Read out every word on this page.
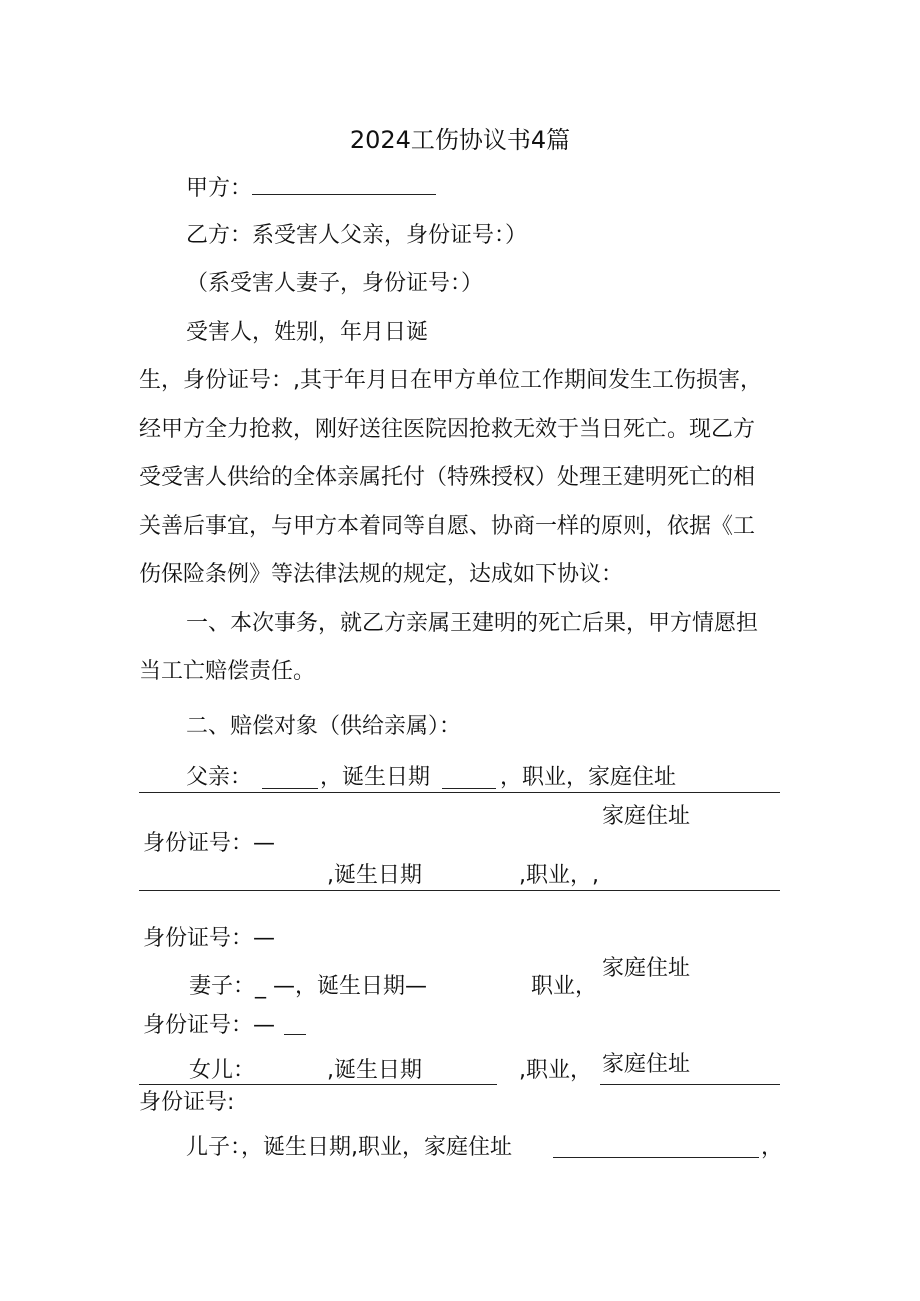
2024工伤协议书4篇
甲方：
乙方：系受害人父亲，身份证号：）
（系受害人妻子，身份证号：）
受害人，姓别，年月日诞
生，身份证号：,其于年月日在甲方单位工作期间发生工伤损害，
经甲方全力抢救，刚好送往医院因抢救无效于当日死亡。现乙方
受受害人供给的全体亲属托付（特殊授权）处理王建明死亡的相
关善后事宜，与甲方本着同等自愿、协商一样的原则，依据《工
伤保险条例》等法律法规的规定，达成如下协议：
一、本次事务，就乙方亲属王建明的死亡后果，甲方情愿担
当工亡赔偿责任。
二、赔偿对象（供给亲属）：
父亲：	，诞生日期	，职业，家庭住址
家庭住址
身份证号：—
,诞生日期	,职业，,
身份证号：—
家庭住址
妻子：_ —，诞生日期—	职业，
身份证号：—
女儿：	,诞生日期	,职业， 家庭住址
身份证号:
儿子：，诞生日期,职业，家庭住址	，
